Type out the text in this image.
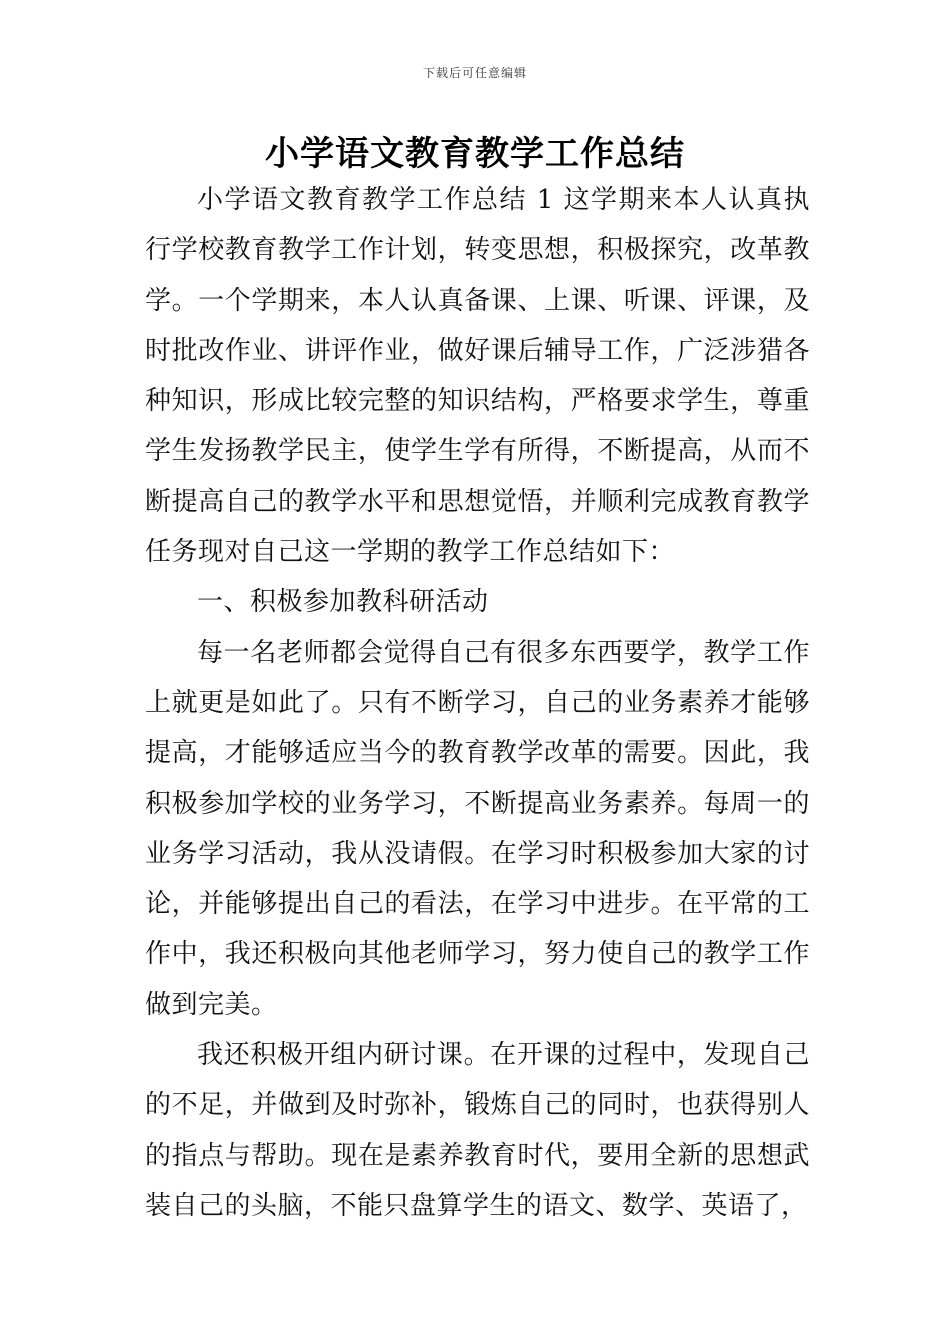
下载后可任意编辑
小学语文教育教学工作总结

小学语文教育教学工作总结 1 这学期来本人认真执行学校教育教学工作计划，转变思想，积极探究，改革教学。一个学期来，本人认真备课、上课、听课、评课，及时批改作业、讲评作业，做好课后辅导工作，广泛涉猎各种知识，形成比较完整的知识结构，严格要求学生，尊重学生发扬教学民主，使学生学有所得，不断提高，从而不断提高自己的教学水平和思想觉悟，并顺利完成教育教学任务现对自己这一学期的教学工作总结如下：

一、积极参加教科研活动

每一名老师都会觉得自己有很多东西要学，教学工作上就更是如此了。只有不断学习，自己的业务素养才能够提高，才能够适应当今的教育教学改革的需要。因此，我积极参加学校的业务学习，不断提高业务素养。每周一的业务学习活动，我从没请假。在学习时积极参加大家的讨论，并能够提出自己的看法，在学习中进步。在平常的工作中，我还积极向其他老师学习，努力使自己的教学工作做到完美。

我还积极开组内研讨课。在开课的过程中，发现自己的不足，并做到及时弥补，锻炼自己的同时，也获得别人的指点与帮助。现在是素养教育时代，要用全新的思想武装自己的头脑，不能只盘算学生的语文、数学、英语了，
